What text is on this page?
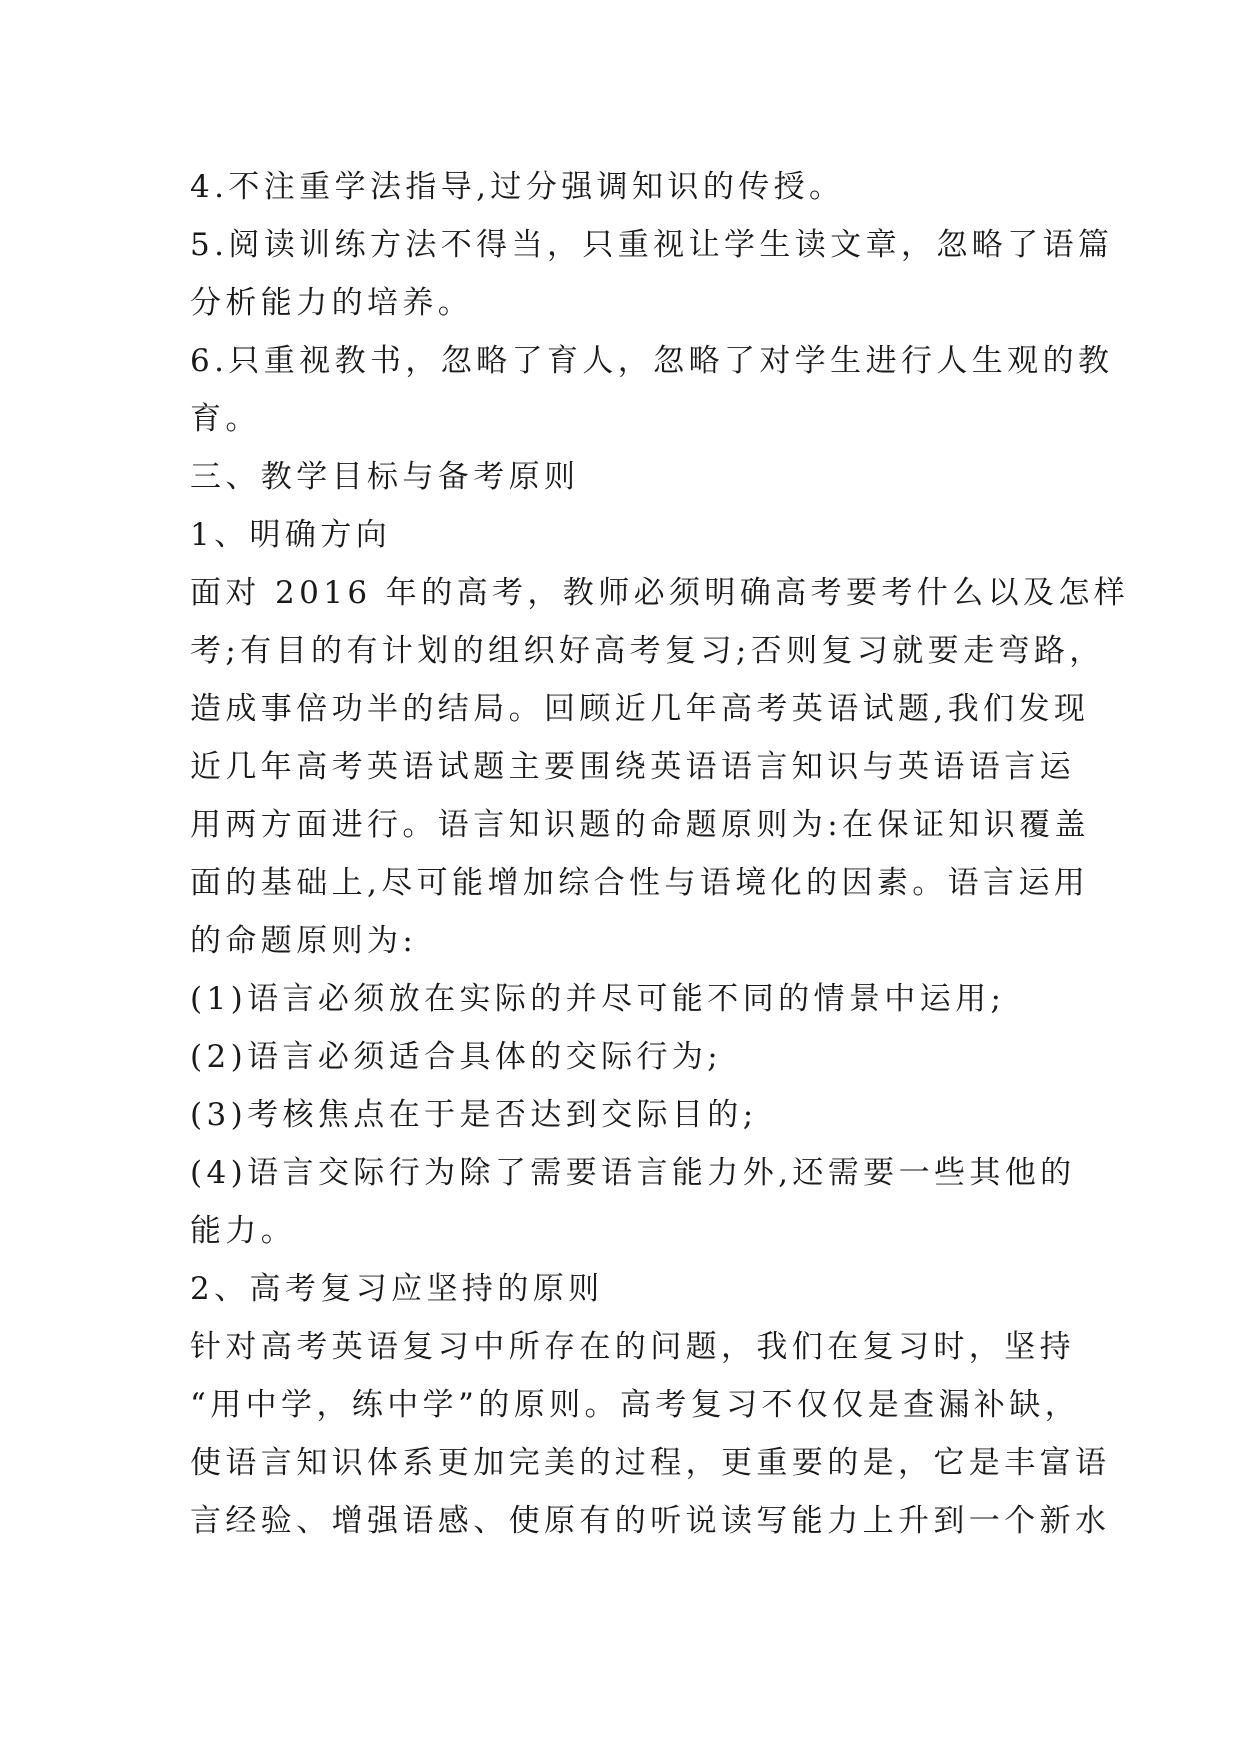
4.不注重学法指导,过分强调知识的传授。
5.阅读训练方法不得当，只重视让学生读文章，忽略了语篇
分析能力的培养。
6.只重视教书，忽略了育人，忽略了对学生进行人生观的教
育。
三、教学目标与备考原则
1、明确方向
面对 2016 年的高考，教师必须明确高考要考什么以及怎样
考;有目的有计划的组织好高考复习;否则复习就要走弯路，
造成事倍功半的结局。回顾近几年高考英语试题,我们发现
近几年高考英语试题主要围绕英语语言知识与英语语言运
用两方面进行。语言知识题的命题原则为:在保证知识覆盖
面的基础上,尽可能增加综合性与语境化的因素。语言运用
的命题原则为:
(1)语言必须放在实际的并尽可能不同的情景中运用;
(2)语言必须适合具体的交际行为;
(3)考核焦点在于是否达到交际目的;
(4)语言交际行为除了需要语言能力外,还需要一些其他的
能力。
2、高考复习应坚持的原则
针对高考英语复习中所存在的问题，我们在复习时，坚持
“用中学，练中学”的原则。高考复习不仅仅是查漏补缺，
使语言知识体系更加完美的过程，更重要的是，它是丰富语
言经验、增强语感、使原有的听说读写能力上升到一个新水
